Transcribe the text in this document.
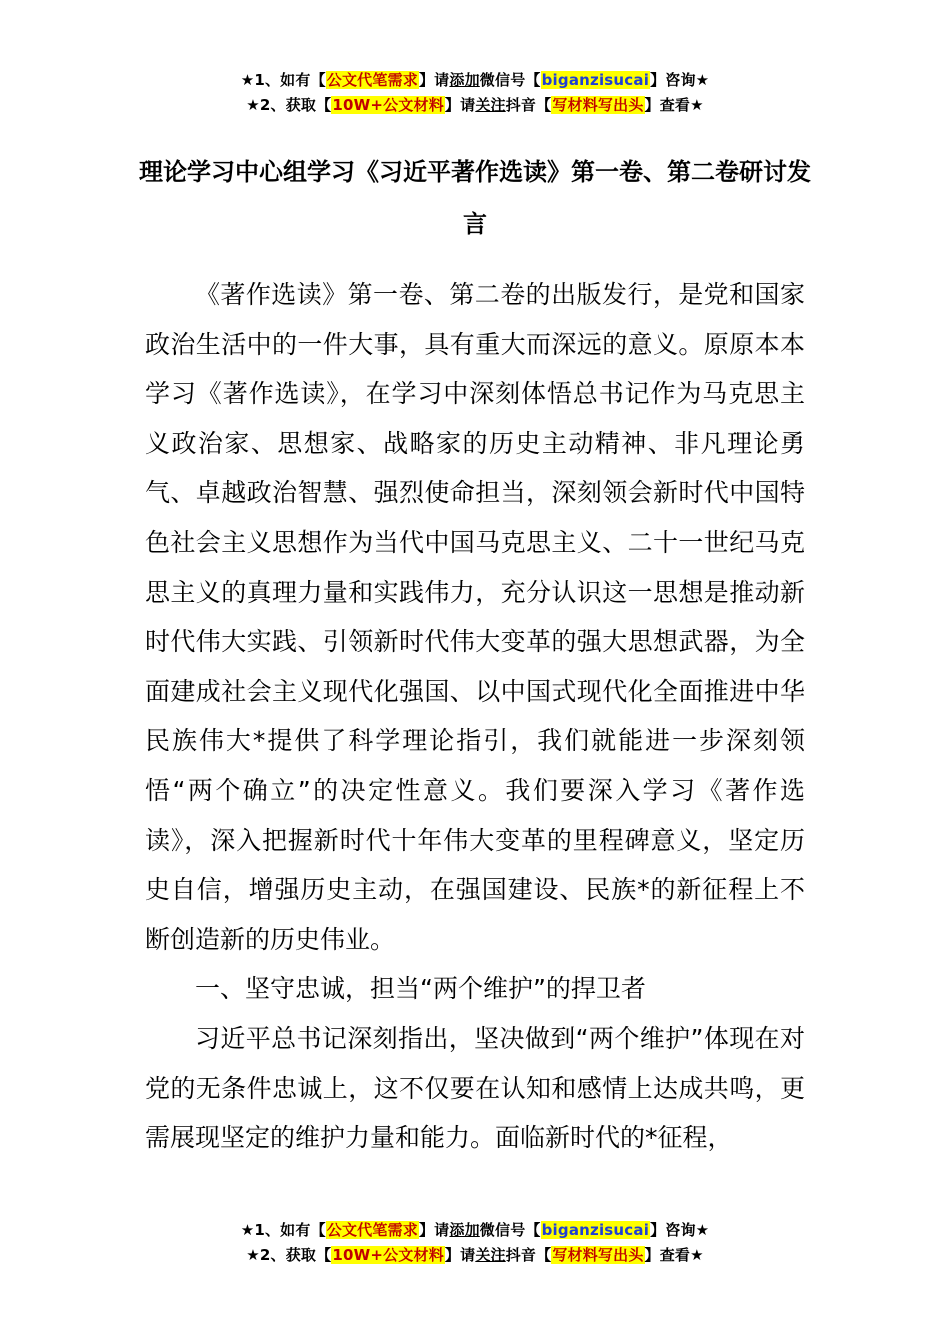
★1、如有【公文代笔需求】请添加微信号【biganzisucai】咨询★
★2、获取【10W+公文材料】请关注抖音【写材料写出头】查看★
理论学习中心组学习《习近平著作选读》第一卷、第二卷研讨发言

《著作选读》第一卷、第二卷的出版发行，是党和国家政治生活中的一件大事，具有重大而深远的意义。原原本本学习《著作选读》，在学习中深刻体悟总书记作为马克思主义政治家、思想家、战略家的历史主动精神、非凡理论勇气、卓越政治智慧、强烈使命担当，深刻领会新时代中国特色社会主义思想作为当代中国马克思主义、二十一世纪马克思主义的真理力量和实践伟力，充分认识这一思想是推动新时代伟大实践、引领新时代伟大变革的强大思想武器，为全面建成社会主义现代化强国、以中国式现代化全面推进中华民族伟大*提供了科学理论指引，我们就能进一步深刻领悟“两个确立”的决定性意义。我们要深入学习《著作选读》，深入把握新时代十年伟大变革的里程碑意义，坚定历史自信，增强历史主动，在强国建设、民族*的新征程上不断创造新的历史伟业。

一、坚守忠诚，担当“两个维护”的捍卫者

习近平总书记深刻指出，坚决做到“两个维护”体现在对党的无条件忠诚上，这不仅要在认知和感情上达成共鸣，更需展现坚定的维护力量和能力。面临新时代的*征程，

★1、如有【公文代笔需求】请添加微信号【biganzisucai】咨询★
★2、获取【10W+公文材料】请关注抖音【写材料写出头】查看★
